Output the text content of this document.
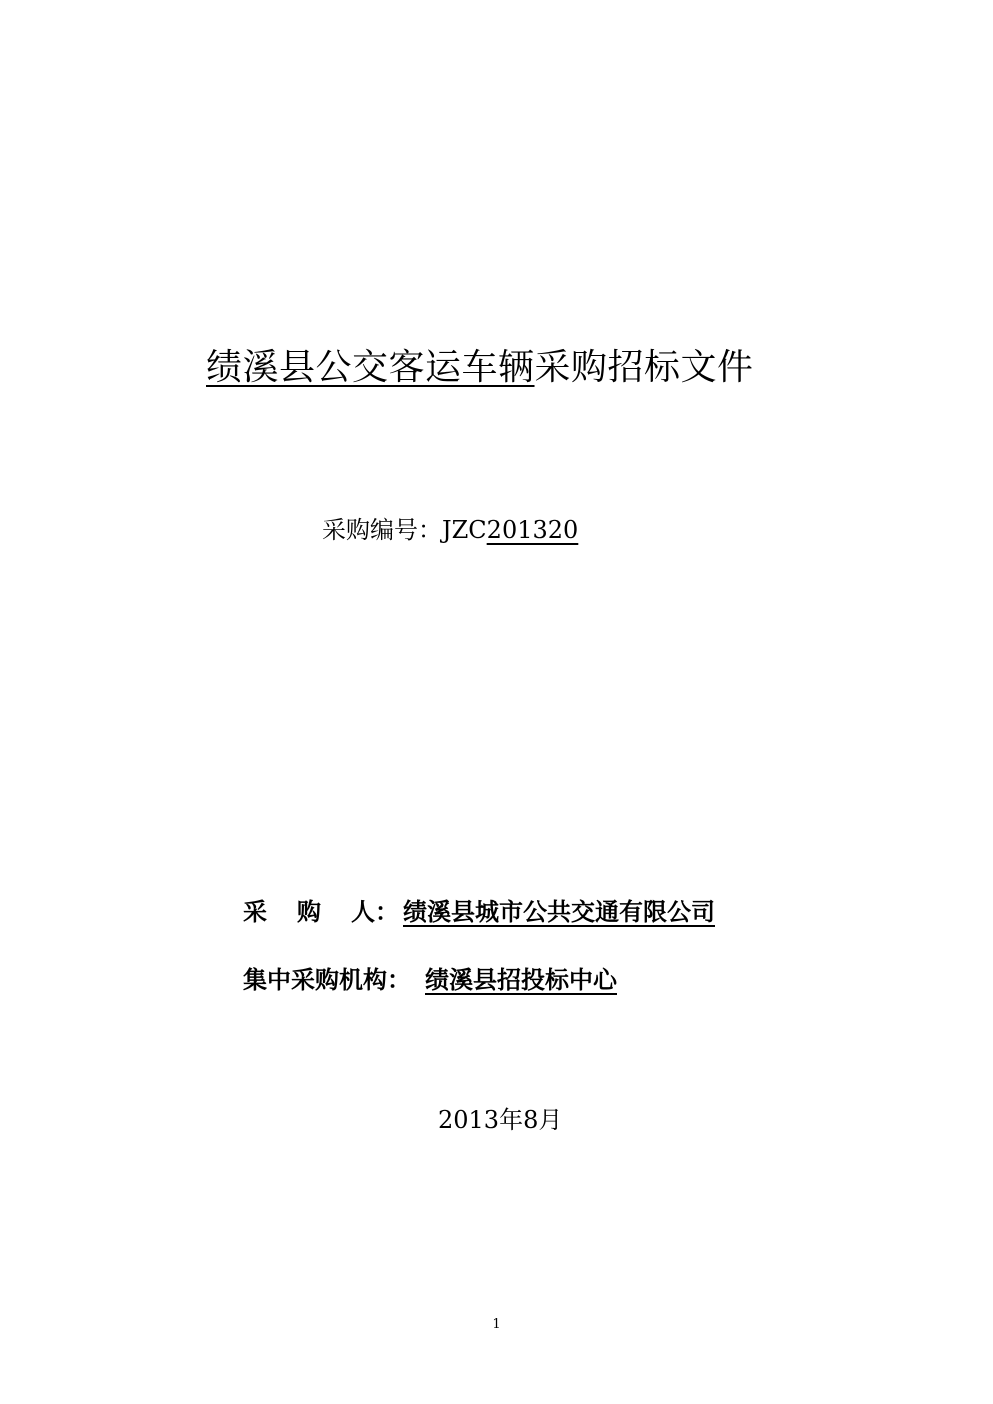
绩溪县公交客运车辆采购招标文件
采购编号：JZC201320
采 购 人： 绩溪县城市公共交通有限公司
集中采购机构： 绩溪县招投标中心
2013年8月
1
